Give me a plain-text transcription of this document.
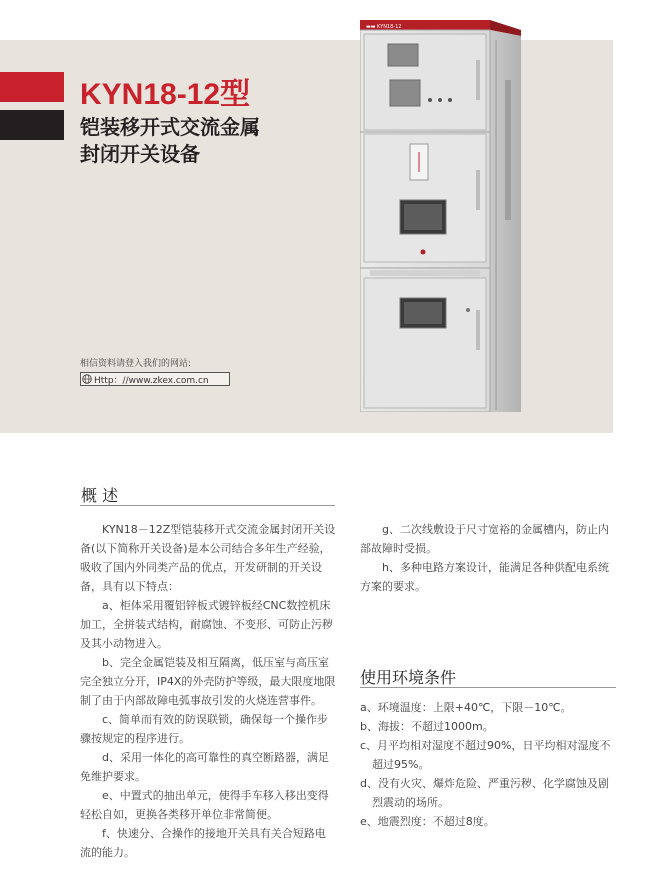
KYN18-12型
铠装移开式交流金属
封闭开关设备
相信资料请登入我们的网站:
Http：//www.zkex.com.cn
▬▬ KYN18-12
概 述

KYN18－12Z型铠装移开式交流金属封闭开关设备(以下简称开关设备)是本公司结合多年生产经验，吸收了国内外同类产品的优点，开发研制的开关设备，具有以下特点：

a、柜体采用覆铝锌板式镀锌板经CNC数控机床加工，全拼装式结构，耐腐蚀、不变形、可防止污秽及其小动物进入。

b、完全金属铠装及相互隔离，低压室与高压室完全独立分开，IP4X的外壳防护等级，最大限度地限制了由于内部故障电弧事故引发的火烧连营事件。

c、简单而有效的防误联锁，确保每一个操作步骤按规定的程序进行。

d、采用一体化的高可靠性的真空断路器，满足免维护要求。

e、中置式的抽出单元，使得手车移入移出变得轻松自如，更换各类移开单位非常简便。

f、快速分、合操作的接地开关具有关合短路电流的能力。

g、二次线敷设于尺寸宽裕的金属槽内，防止内部故障时受损。

h、多种电路方案设计，能满足各种供配电系统方案的要求。

使用环境条件

a、环境温度：上限+40℃，下限－10℃。

b、海拔：不超过1000m。

c、月平均相对湿度不超过90%，日平均相对湿度不超过95%。

d、没有火灾、爆炸危险、严重污秽、化学腐蚀及剧烈震动的场所。

e、地震烈度：不超过8度。
